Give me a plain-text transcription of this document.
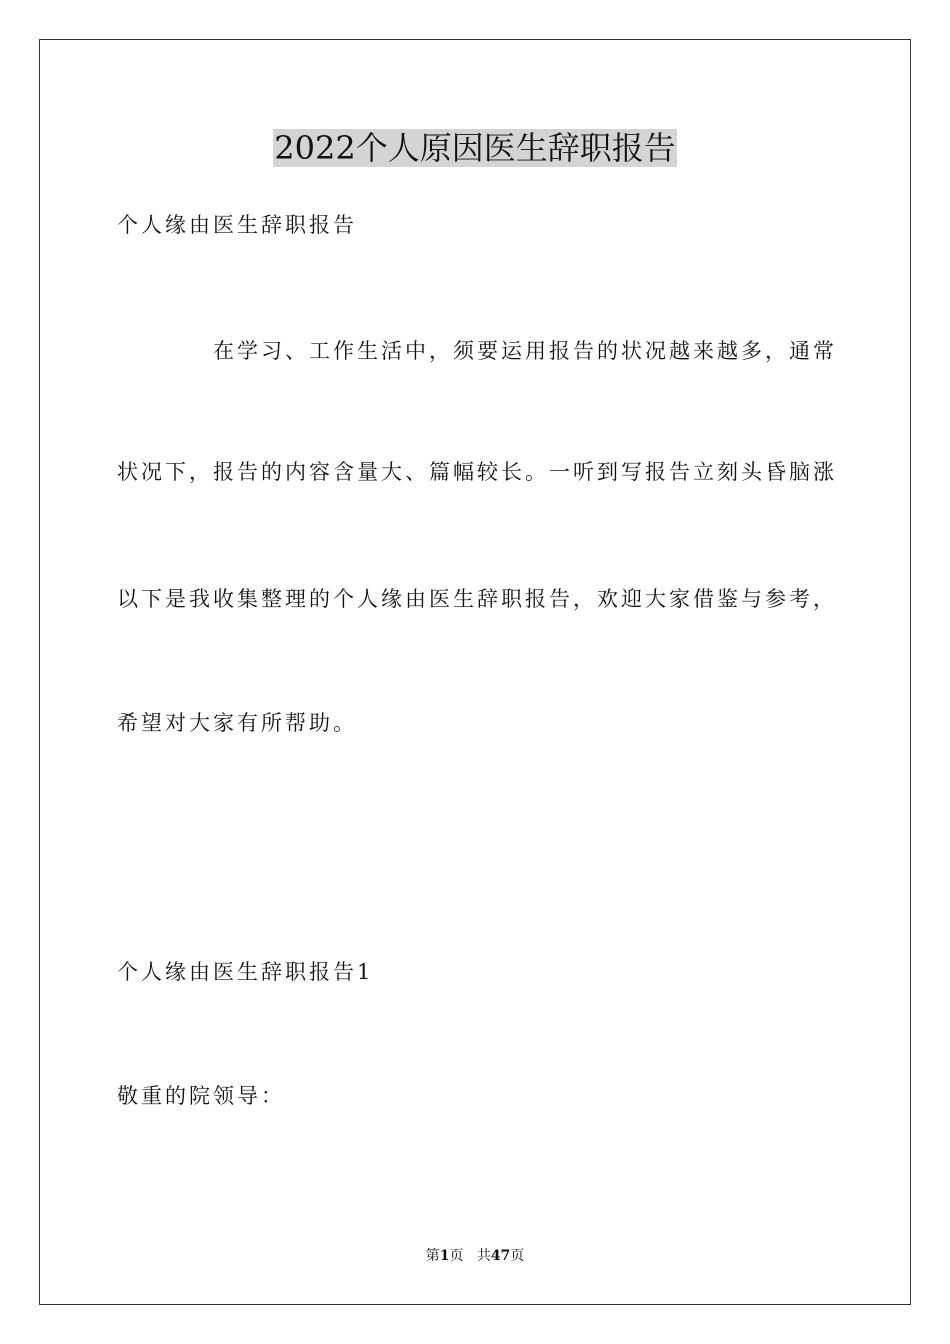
2022个人原因医生辞职报告
个人缘由医生辞职报告
在学习、工作生活中，须要运用报告的状况越来越多，通常
状况下，报告的内容含量大、篇幅较长。一听到写报告立刻头昏脑涨
以下是我收集整理的个人缘由医生辞职报告，欢迎大家借鉴与参考，
希望对大家有所帮助。
个人缘由医生辞职报告1
敬重的院领导：
第1页 共47页
